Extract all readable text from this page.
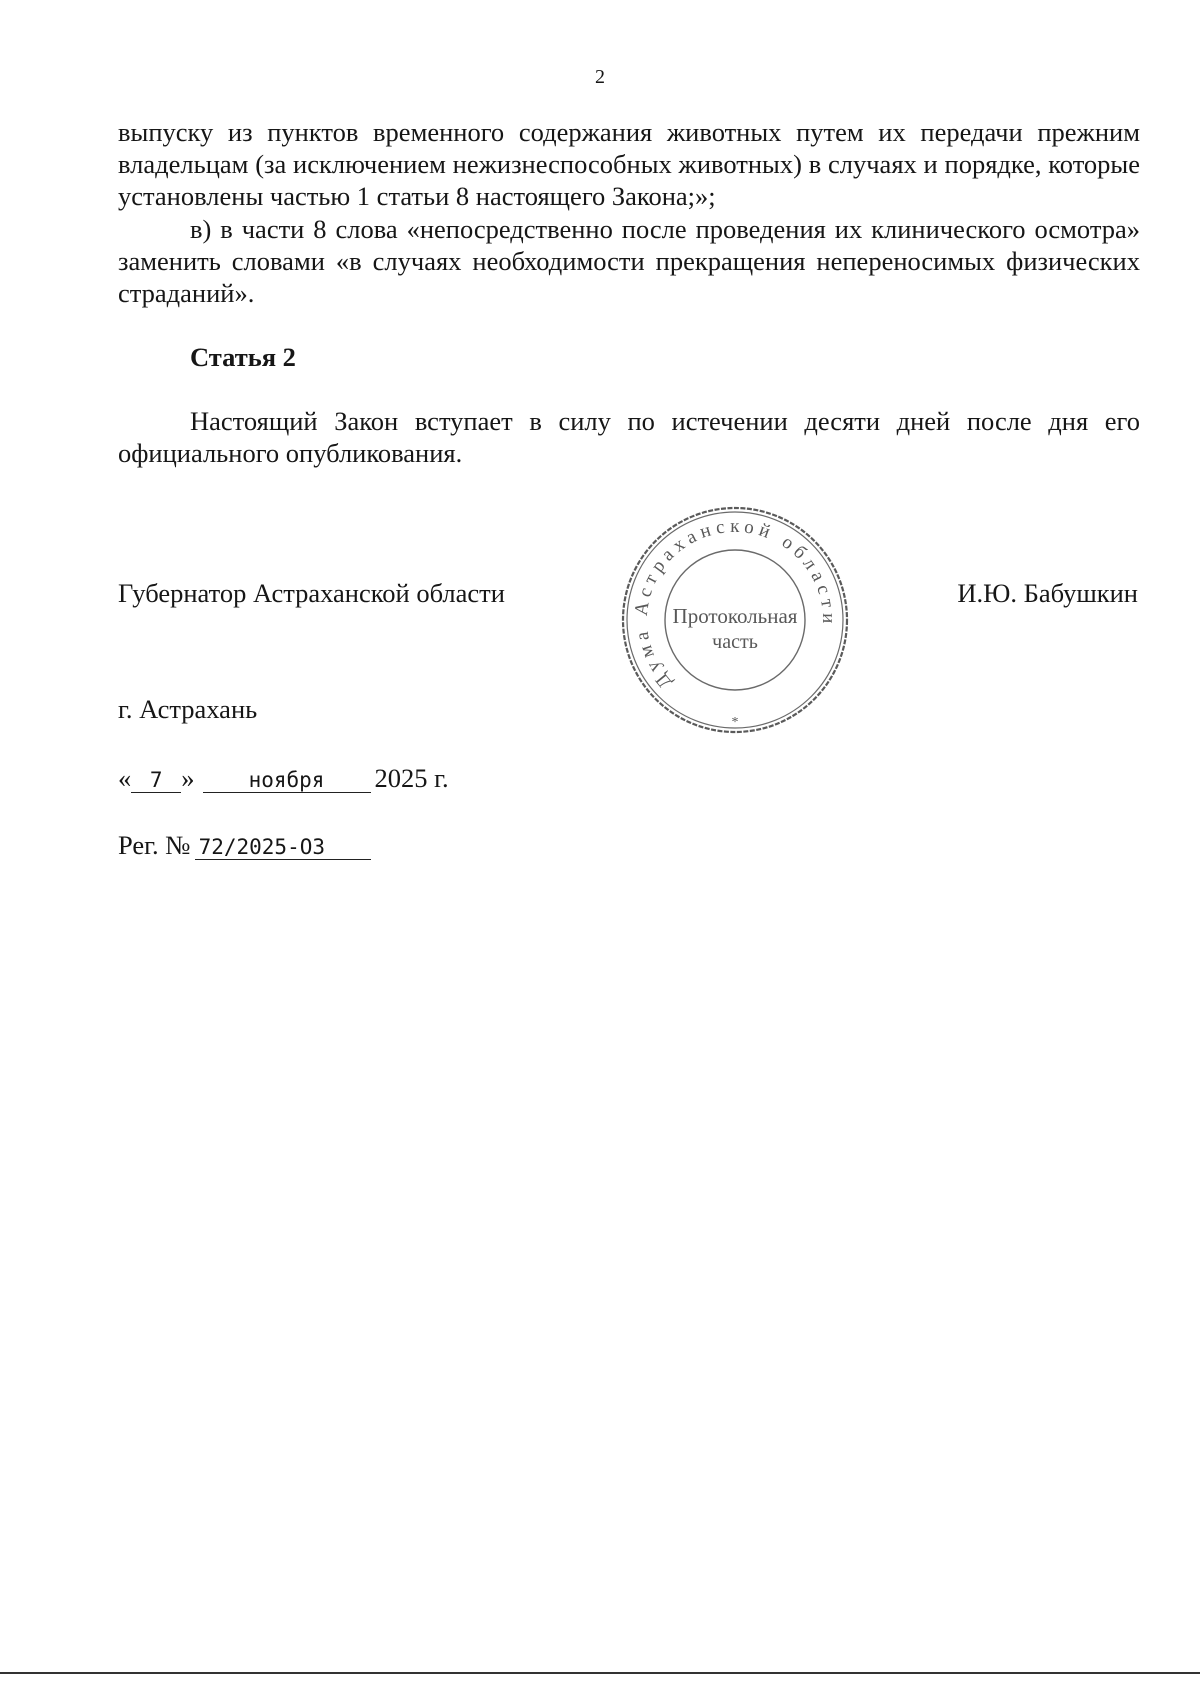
2

выпуску из пунктов временного содержания животных путем их передачи прежним владельцам (за исключением нежизнеспособных животных) в случаях и порядке, которые установлены частью 1 статьи 8 настоящего Закона;»;

в) в части 8 слова «непосредственно после проведения их клинического осмотра» заменить словами «в случаях необходимости прекращения непереносимых физических страданий».

Статья 2

Настоящий Закон вступает в силу по истечении десяти дней после дня его официального опубликования.

Губернатор Астраханской области
Дума Астраханской области
*
Протокольная
часть
И.Ю. Бабушкин
г. Астрахань
« 7 »	ноября 2025 г.
Рег. № 72/2025-ОЗ
